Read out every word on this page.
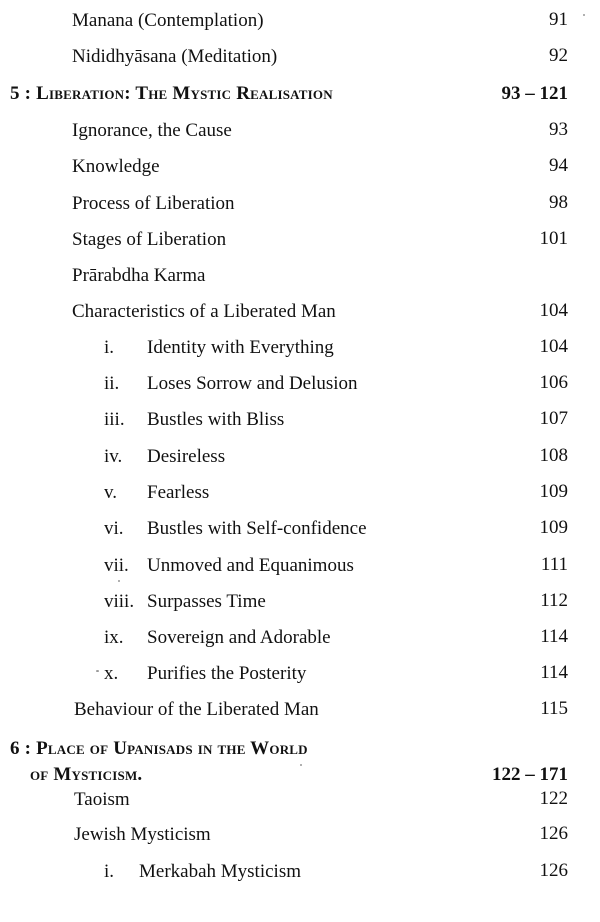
Manana (Contemplation)	91
Nididhyāsana (Meditation)	92
5 : Liberation: The Mystic Realisation	93 – 121
Ignorance, the Cause	93
Knowledge	94
Process of Liberation	98
Stages of Liberation	101
Prārabdha Karma
Characteristics of a Liberated Man	104
i. Identity with Everything	104
ii. Loses Sorrow and Delusion	106
iii. Bustles with Bliss	107
iv. Desireless	108
v. Fearless	109
vi. Bustles with Self-confidence	109
vii. Unmoved and Equanimous	111
viii. Surpasses Time	112
ix. Sovereign and Adorable	114
x. Purifies the Posterity	114
Behaviour of the Liberated Man	115
6 : Place of Upanisads in the World
of Mysticism.	122 – 171
Taoism	122
Jewish Mysticism	126
i. Merkabah Mysticism	126
